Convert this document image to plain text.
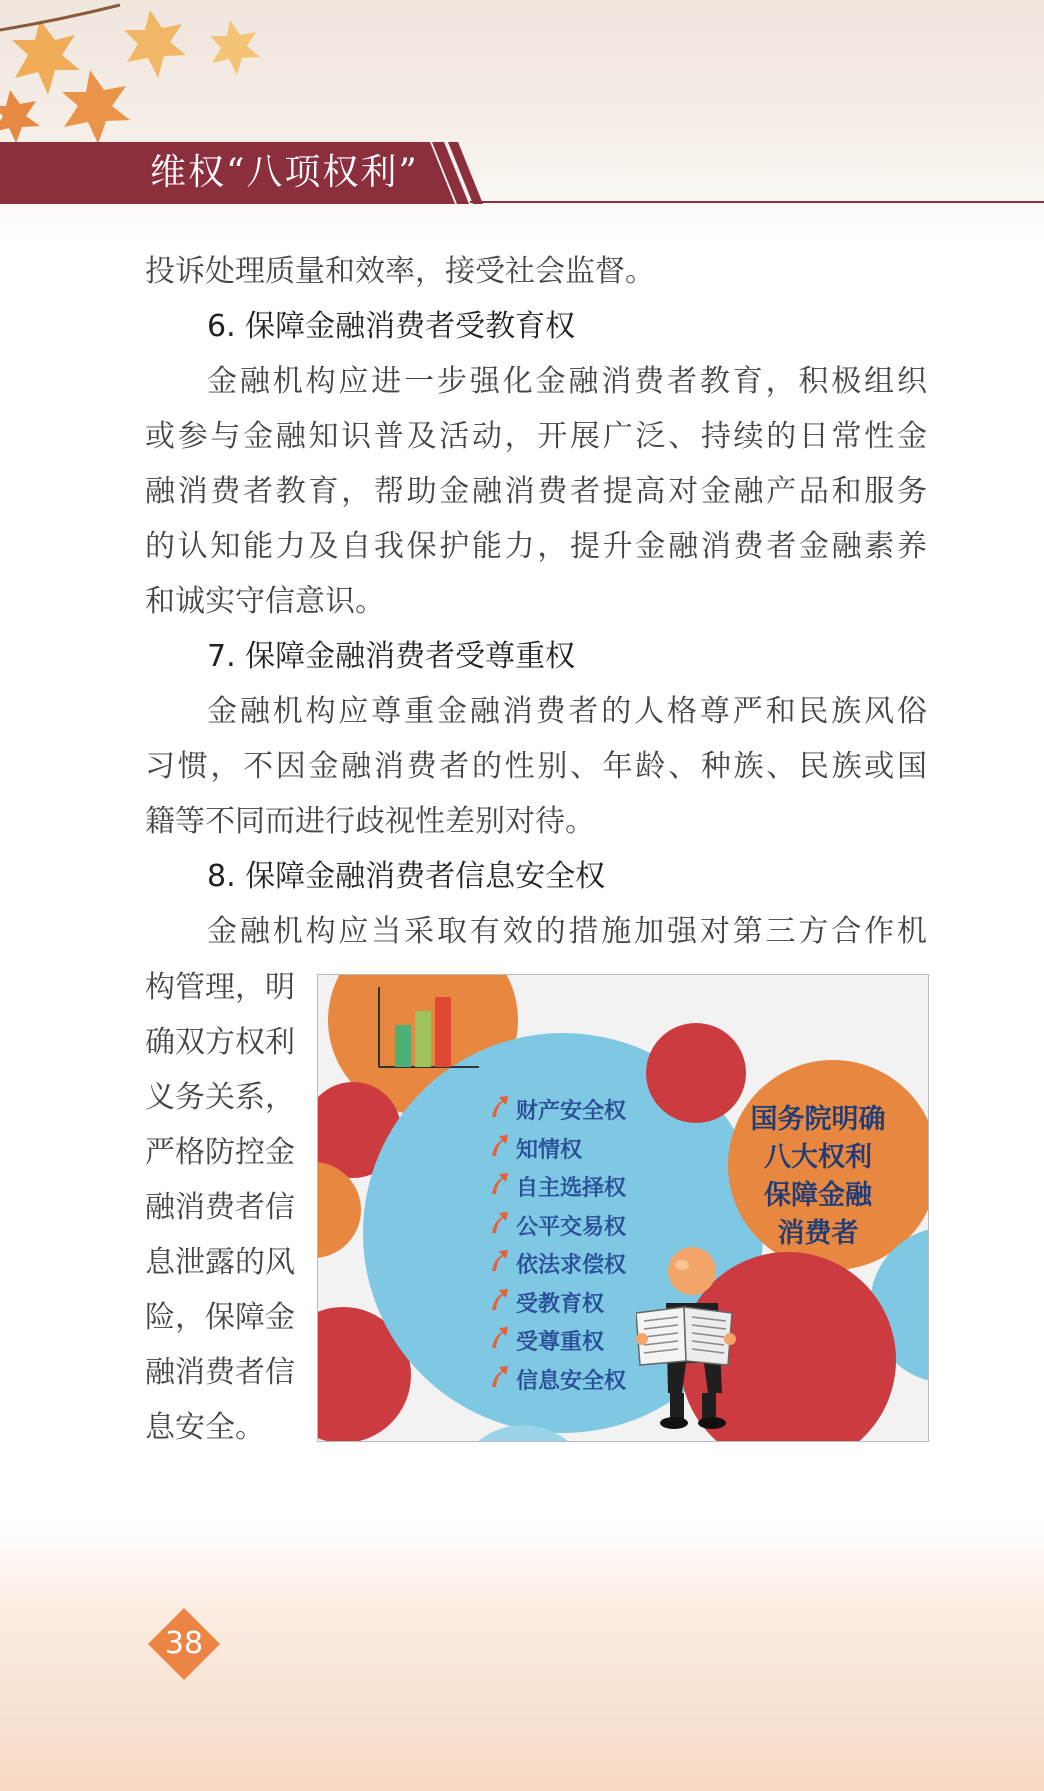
维权“八项权利”
投诉处理质量和效率，接受社会监督。
6. 保障金融消费者受教育权
金融机构应进一步强化金融消费者教育，积极组织
或参与金融知识普及活动，开展广泛、持续的日常性金
融消费者教育，帮助金融消费者提高对金融产品和服务
的认知能力及自我保护能力，提升金融消费者金融素养
和诚实守信意识。
7. 保障金融消费者受尊重权
金融机构应尊重金融消费者的人格尊严和民族风俗
习惯，不因金融消费者的性别、年龄、种族、民族或国
籍等不同而进行歧视性差别对待。
8. 保障金融消费者信息安全权
金融机构应当采取有效的措施加强对第三方合作机
构管理，明
确双方权利
义务关系，
严格防控金
融消费者信
息泄露的风
险，保障金
融消费者信
息安全。
财产安全权
知情权
自主选择权
公平交易权
依法求偿权
受教育权
受尊重权
信息安全权
国务院明确
八大权利
保障金融
消费者
38
